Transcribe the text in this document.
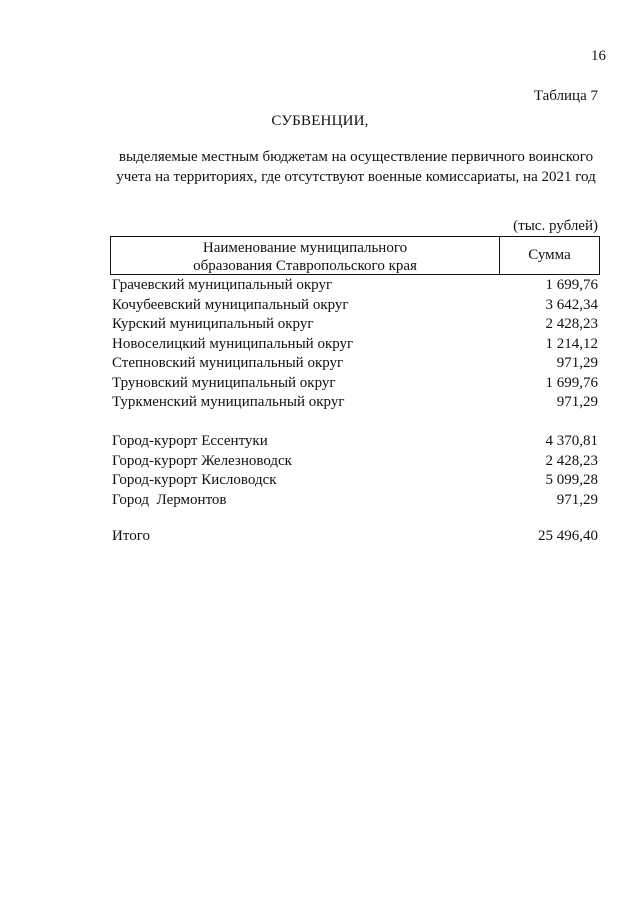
16
Таблица 7
СУБВЕНЦИИ,
выделяемые местным бюджетам на осуществление первичного воинского
учета на территориях, где отсутствуют военные комиссариаты, на 2021 год
(тыс. рублей)
Наименование муниципального
образования Ставропольского края
Сумма
Грачевский муниципальный округ	1 699,76
Кочубеевский муниципальный округ	3 642,34
Курский муниципальный округ	2 428,23
Новоселицкий муниципальный округ	1 214,12
Степновский муниципальный округ	971,29
Труновский муниципальный округ	1 699,76
Туркменский муниципальный округ	971,29
Город-курорт Ессентуки	4 370,81
Город-курорт Железноводск	2 428,23
Город-курорт Кисловодск	5 099,28
Город  Лермонтов	971,29
Итого	25 496,40
